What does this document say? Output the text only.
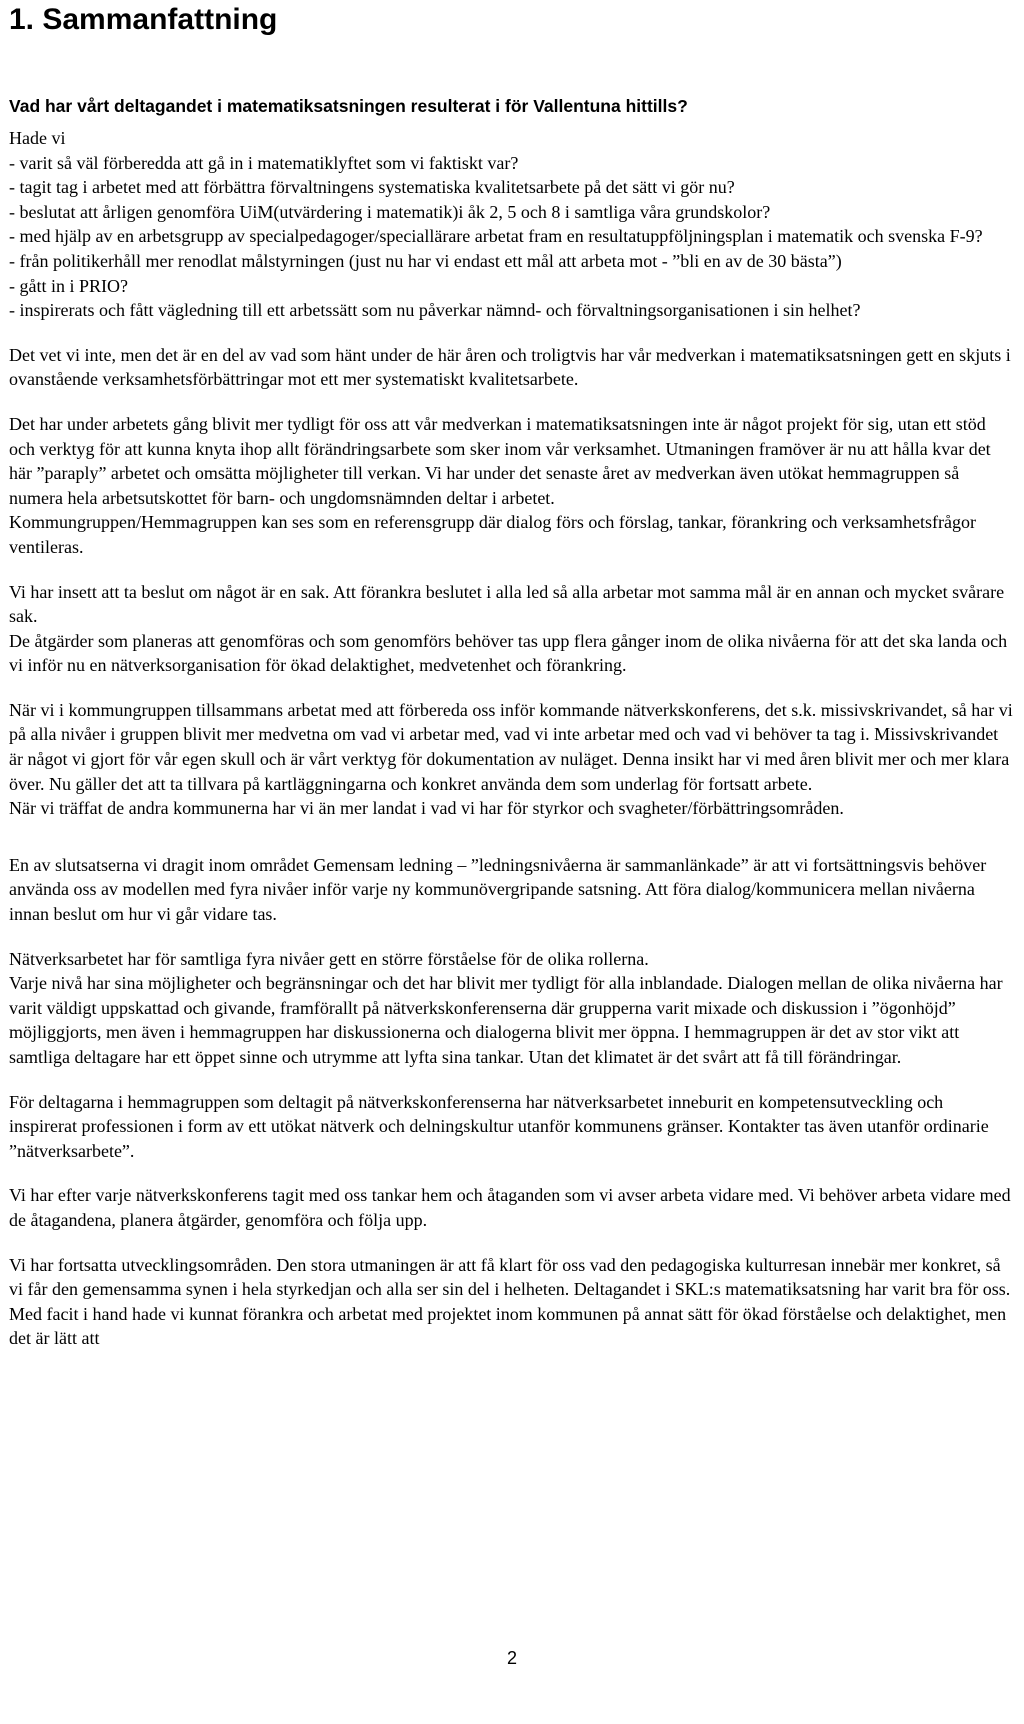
1. Sammanfattning
Vad har vårt deltagandet i matematiksatsningen resulterat i för Vallentuna hittills?

Hade vi

- varit så väl förberedda att gå in i matematiklyftet som vi faktiskt var?

- tagit tag i arbetet med att förbättra förvaltningens systematiska kvalitetsarbete på det sätt vi gör nu?

- beslutat att årligen genomföra UiM(utvärdering i matematik)i åk 2, 5 och 8 i samtliga våra grundskolor?

- med hjälp av en arbetsgrupp av specialpedagoger/speciallärare arbetat fram en resultatuppföljningsplan i matematik och svenska F-9?

- från politikerhåll mer renodlat målstyrningen (just nu har vi endast ett mål att arbeta mot - ”bli en av de 30 bästa”)

- gått in i PRIO?

- inspirerats och fått vägledning till ett arbetssätt som nu påverkar nämnd- och förvaltningsorganisationen i sin helhet?

Det vet vi inte, men det är en del av vad som hänt under de här åren och troligtvis har vår medverkan i matematiksatsningen gett en skjuts i ovanstående verksamhetsförbättringar mot ett mer systematiskt kvalitetsarbete.

Det har under arbetets gång blivit mer tydligt för oss att vår medverkan i matematiksatsningen inte är något projekt för sig, utan ett stöd och verktyg för att kunna knyta ihop allt förändringsarbete som sker inom vår verksamhet. Utmaningen framöver är nu att hålla kvar det här ”paraply” arbetet och omsätta möjligheter till verkan. Vi har under det senaste året av medverkan även utökat hemmagruppen så numera hela arbetsutskottet för barn- och ungdomsnämnden deltar i arbetet.

Kommungruppen/Hemmagruppen kan ses som en referensgrupp där dialog förs och förslag, tankar, förankring och verksamhetsfrågor ventileras.

Vi har insett att ta beslut om något är en sak. Att förankra beslutet i alla led så alla arbetar mot samma mål är en annan och mycket svårare sak.

De åtgärder som planeras att genomföras och som genomförs behöver tas upp flera gånger inom de olika nivåerna för att det ska landa och vi inför nu en nätverksorganisation för ökad delaktighet, medvetenhet och förankring.

När vi i kommungruppen tillsammans arbetat med att förbereda oss inför kommande nätverkskonferens, det s.k. missivskrivandet, så har vi på alla nivåer i gruppen blivit mer medvetna om vad vi arbetar med, vad vi inte arbetar med och vad vi behöver ta tag i. Missivskrivandet är något vi gjort för vår egen skull och är vårt verktyg för dokumentation av nuläget. Denna insikt har vi med åren blivit mer och mer klara över. Nu gäller det att ta tillvara på kartläggningarna och konkret använda dem som underlag för fortsatt arbete.

När vi träffat de andra kommunerna har vi än mer landat i vad vi har för styrkor och svagheter/förbättringsområden.

En av slutsatserna vi dragit inom området Gemensam ledning – ”ledningsnivåerna är sammanlänkade” är att vi fortsättningsvis behöver använda oss av modellen med fyra nivåer inför varje ny kommunövergripande satsning. Att föra dialog/kommunicera mellan nivåerna innan beslut om hur vi går vidare tas.

Nätverksarbetet har för samtliga fyra nivåer gett en större förståelse för de olika rollerna.

Varje nivå har sina möjligheter och begränsningar och det har blivit mer tydligt för alla inblandade. Dialogen mellan de olika nivåerna har varit väldigt uppskattad och givande, framförallt på nätverkskonferenserna där grupperna varit mixade och diskussion i ”ögonhöjd” möjliggjorts, men även i hemmagruppen har diskussionerna och dialogerna blivit mer öppna. I hemmagruppen är det av stor vikt att samtliga deltagare har ett öppet sinne och utrymme att lyfta sina tankar. Utan det klimatet är det svårt att få till förändringar.

För deltagarna i hemmagruppen som deltagit på nätverkskonferenserna har nätverksarbetet inneburit en kompetensutveckling och inspirerat professionen i form av ett utökat nätverk och delningskultur utanför kommunens gränser. Kontakter tas även utanför ordinarie ”nätverksarbete”.

Vi har efter varje nätverkskonferens tagit med oss tankar hem och åtaganden som vi avser arbeta vidare med. Vi behöver arbeta vidare med de åtagandena, planera åtgärder, genomföra och följa upp.

Vi har fortsatta utvecklingsområden. Den stora utmaningen är att få klart för oss vad den pedagogiska kulturresan innebär mer konkret, så vi får den gemensamma synen i hela styrkedjan och alla ser sin del i helheten. Deltagandet i SKL:s matematiksatsning har varit bra för oss. Med facit i hand hade vi kunnat förankra och arbetat med projektet inom kommunen på annat sätt för ökad förståelse och delaktighet, men det är lätt att

2
